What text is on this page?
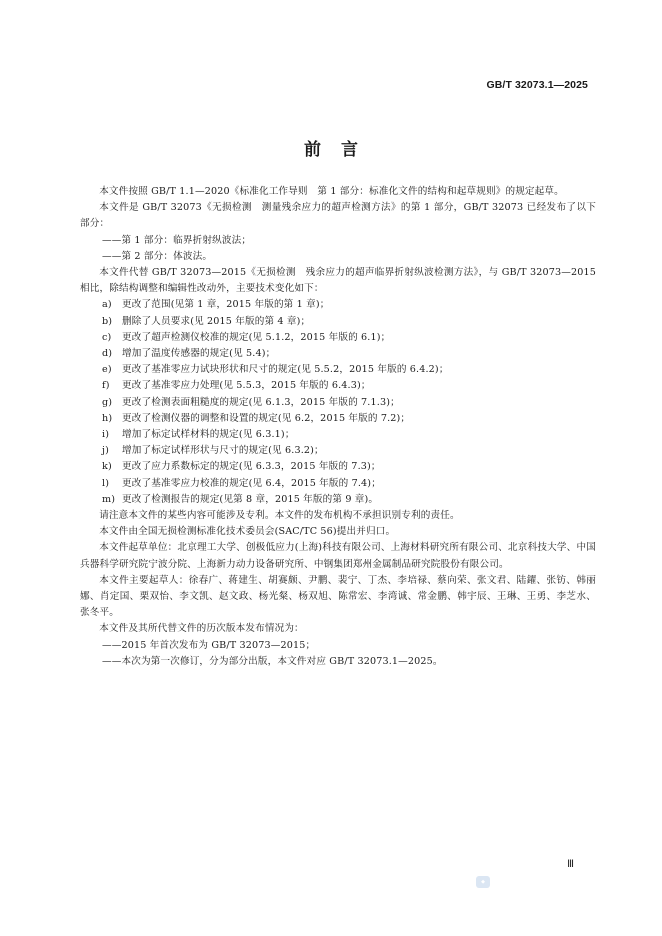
GB/T 32073.1—2025
前言

本文件按照 GB/T 1.1—2020《标准化工作导则　第 1 部分：标准化文件的结构和起草规则》的规定起草。

本文件是 GB/T 32073《无损检测　测量残余应力的超声检测方法》的第 1 部分，GB/T 32073 已经发布了以下部分：

——第 1 部分：临界折射纵波法；

——第 2 部分：体波法。

本文件代替 GB/T 32073—2015《无损检测　残余应力的超声临界折射纵波检测方法》，与 GB/T 32073—2015 相比，除结构调整和编辑性改动外，主要技术变化如下：

a)	更改了范围(见第 1 章，2015 年版的第 1 章)；
b)	删除了人员要求(见 2015 年版的第 4 章)；
c)	更改了超声检测仪校准的规定(见 5.1.2，2015 年版的 6.1)；
d)	增加了温度传感器的规定(见 5.4)；
e)	更改了基准零应力试块形状和尺寸的规定(见 5.5.2，2015 年版的 6.4.2)；
f)	更改了基准零应力处理(见 5.5.3，2015 年版的 6.4.3)；
g)	更改了检测表面粗糙度的规定(见 6.1.3，2015 年版的 7.1.3)；
h)	更改了检测仪器的调整和设置的规定(见 6.2，2015 年版的 7.2)；
i)	增加了标定试样材料的规定(见 6.3.1)；
j)	增加了标定试样形状与尺寸的规定(见 6.3.2)；
k)	更改了应力系数标定的规定(见 6.3.3，2015 年版的 7.3)；
l)	更改了基准零应力校准的规定(见 6.4，2015 年版的 7.4)；
m) 更改了检测报告的规定(见第 8 章，2015 年版的第 9 章)。

请注意本文件的某些内容可能涉及专利。本文件的发布机构不承担识别专利的责任。

本文件由全国无损检测标准化技术委员会(SAC/TC 56)提出并归口。

本文件起草单位：北京理工大学、创极低应力(上海)科技有限公司、上海材料研究所有限公司、北京科技大学、中国兵器科学研究院宁波分院、上海新力动力设备研究所、中钢集团郑州金属制品研究院股份有限公司。

本文件主要起草人：徐春广、蒋建生、胡赛颇、尹鹏、裴宁、丁杰、李培禄、蔡向荣、张文君、陆鑃、张钫、韩丽娜、肖定国、栗双怡、李文凯、赵文政、杨光粲、杨双旭、陈常宏、李湾诚、常金鹏、韩宇辰、王琳、王勇、李芝水、张冬平。

本文件及其所代替文件的历次版本发布情况为：

——2015 年首次发布为 GB/T 32073—2015；

——本次为第一次修订，分为部分出版，本文件对应 GB/T 32073.1—2025。

Ⅲ
◆
